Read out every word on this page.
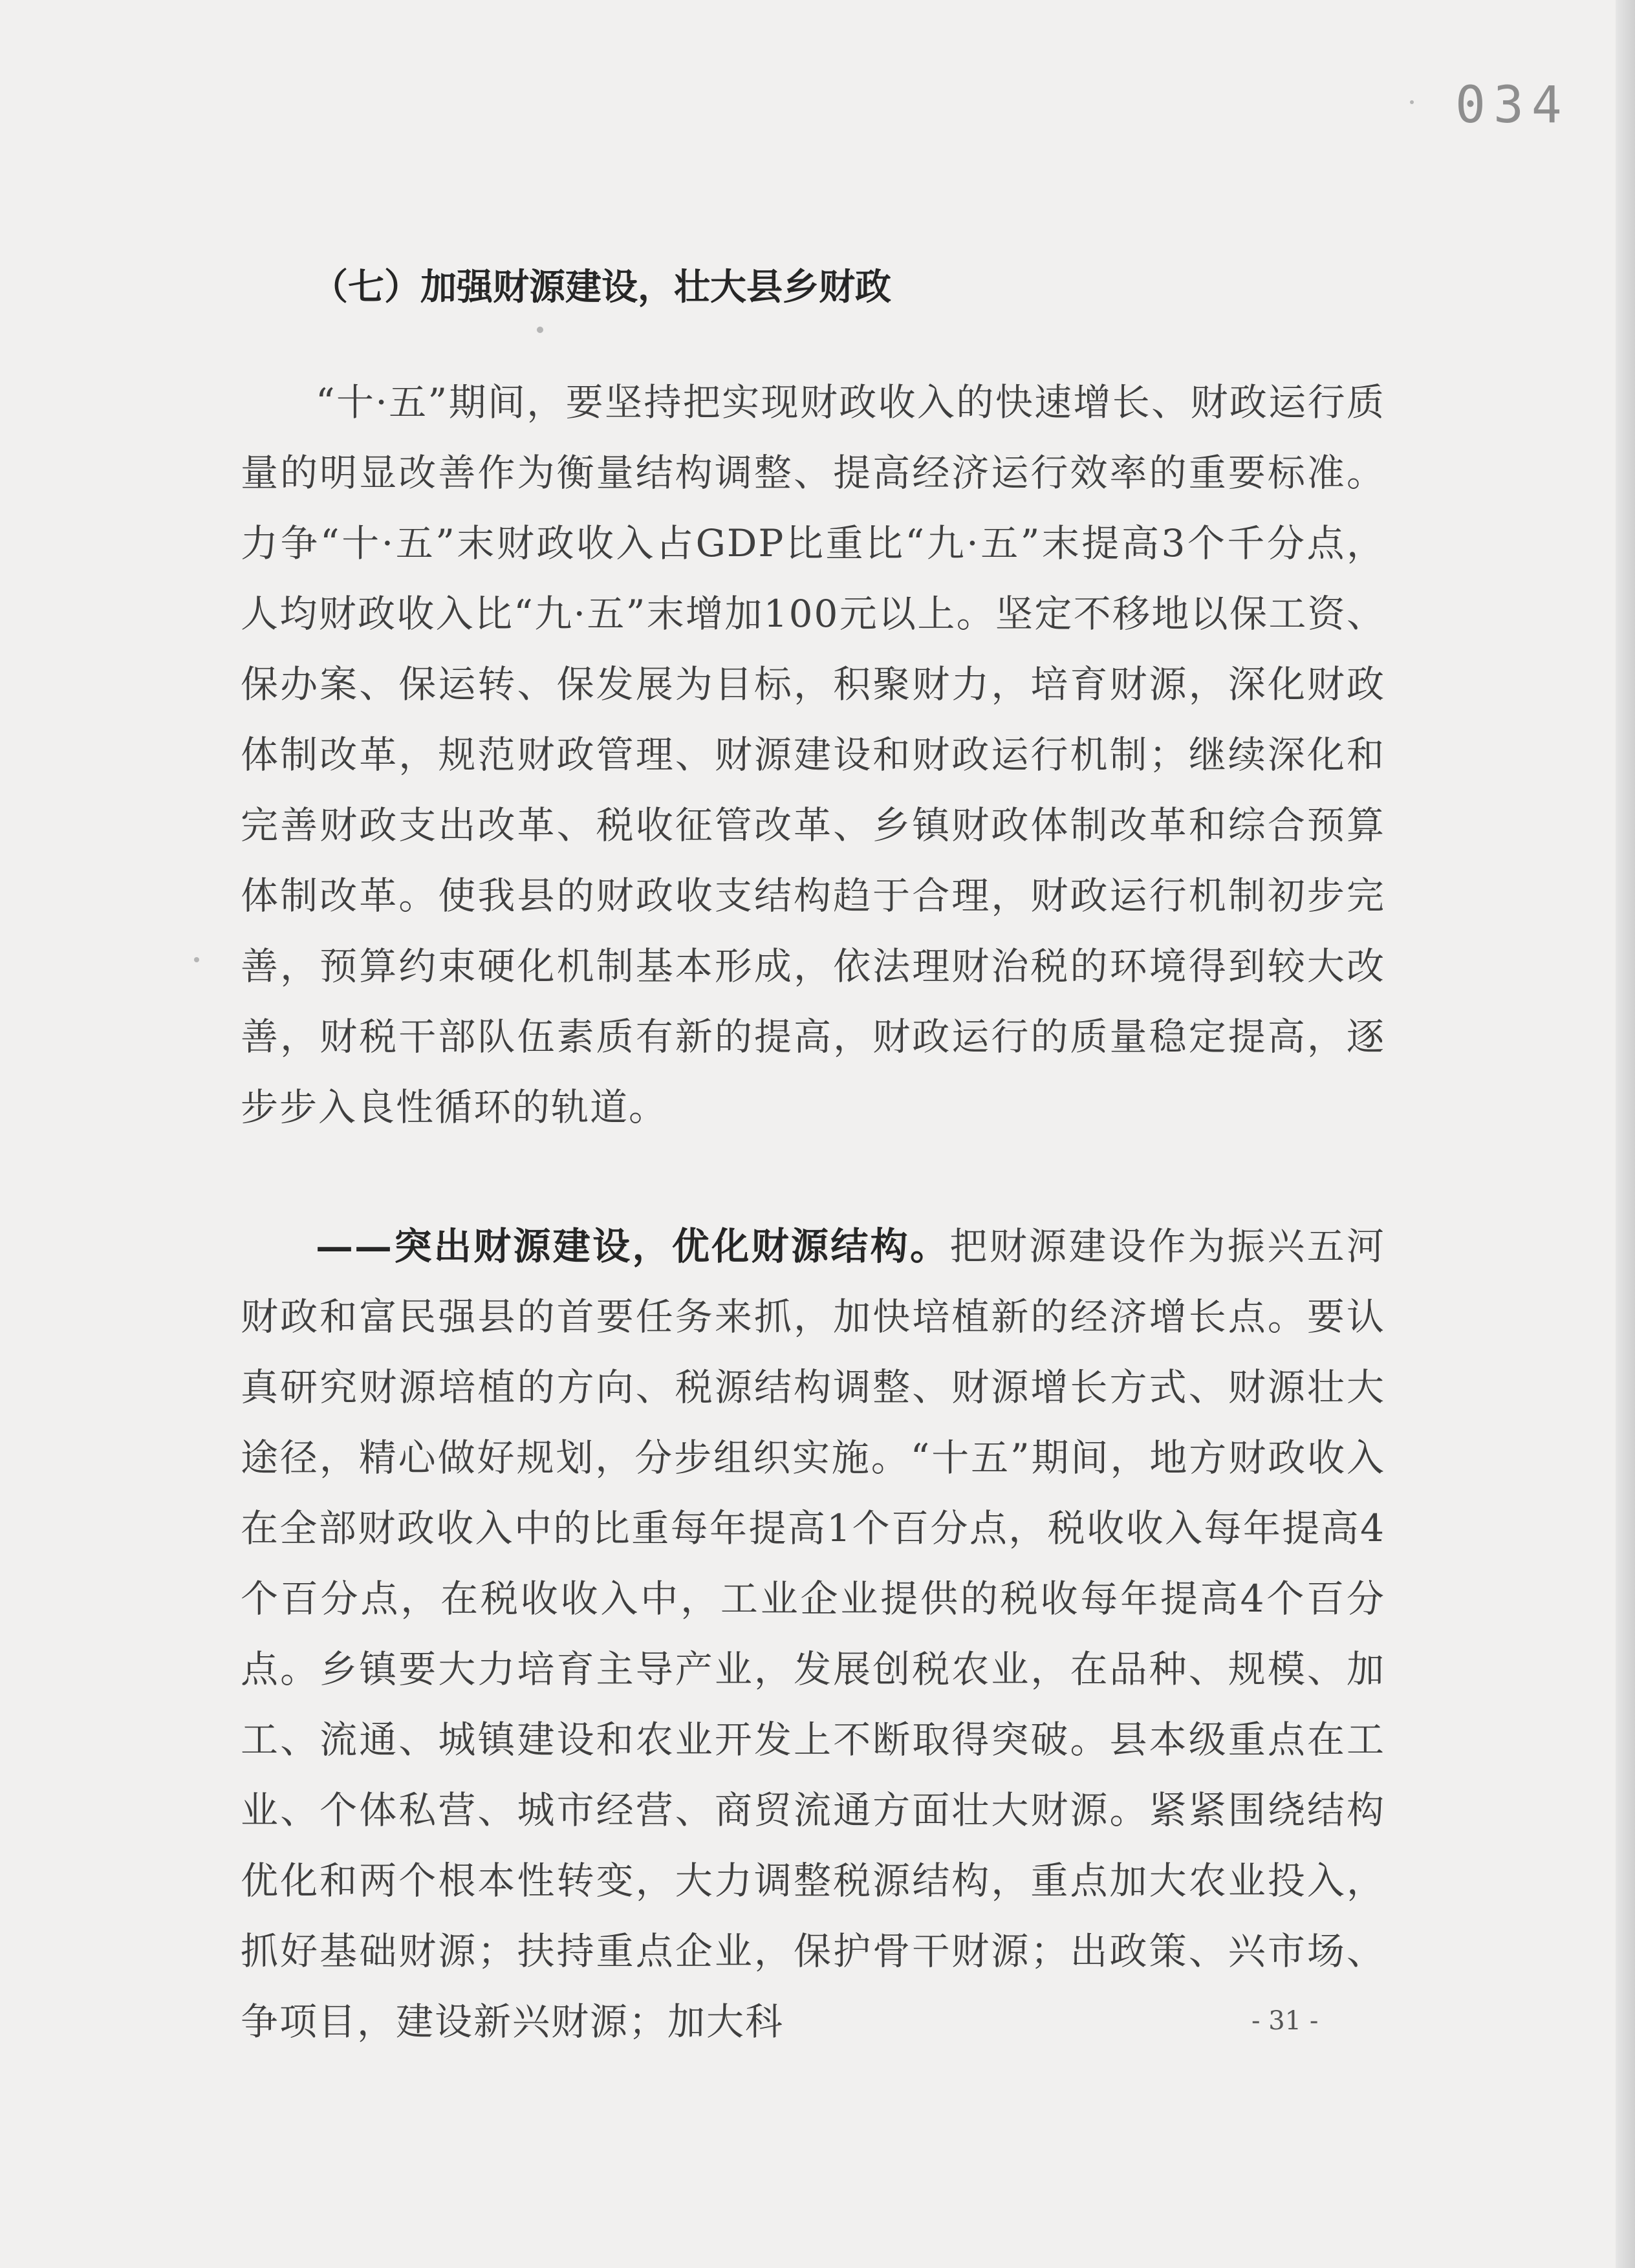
034
（七）加强财源建设，壮大县乡财政

“十·五”期间，要坚持把实现财政收入的快速增长、财政运行质量的明显改善作为衡量结构调整、提高经济运行效率的重要标准。力争“十·五”末财政收入占GDP比重比“九·五”末提高3个千分点，人均财政收入比“九·五”末增加100元以上。坚定不移地以保工资、保办案、保运转、保发展为目标，积聚财力，培育财源，深化财政体制改革，规范财政管理、财源建设和财政运行机制；继续深化和完善财政支出改革、税收征管改革、乡镇财政体制改革和综合预算体制改革。使我县的财政收支结构趋于合理，财政运行机制初步完善，预算约束硬化机制基本形成，依法理财治税的环境得到较大改善，财税干部队伍素质有新的提高，财政运行的质量稳定提高，逐步步入良性循环的轨道。

——突出财源建设，优化财源结构。把财源建设作为振兴五河财政和富民强县的首要任务来抓，加快培植新的经济增长点。要认真研究财源培植的方向、税源结构调整、财源增长方式、财源壮大途径，精心做好规划，分步组织实施。“十五”期间，地方财政收入在全部财政收入中的比重每年提高1个百分点，税收收入每年提高4个百分点，在税收收入中，工业企业提供的税收每年提高4个百分点。乡镇要大力培育主导产业，发展创税农业，在品种、规模、加工、流通、城镇建设和农业开发上不断取得突破。县本级重点在工业、个体私营、城市经营、商贸流通方面壮大财源。紧紧围绕结构优化和两个根本性转变，大力调整税源结构，重点加大农业投入，抓好基础财源；扶持重点企业，保护骨干财源；出政策、兴市场、争项目，建设新兴财源；加大科	- 31 -
